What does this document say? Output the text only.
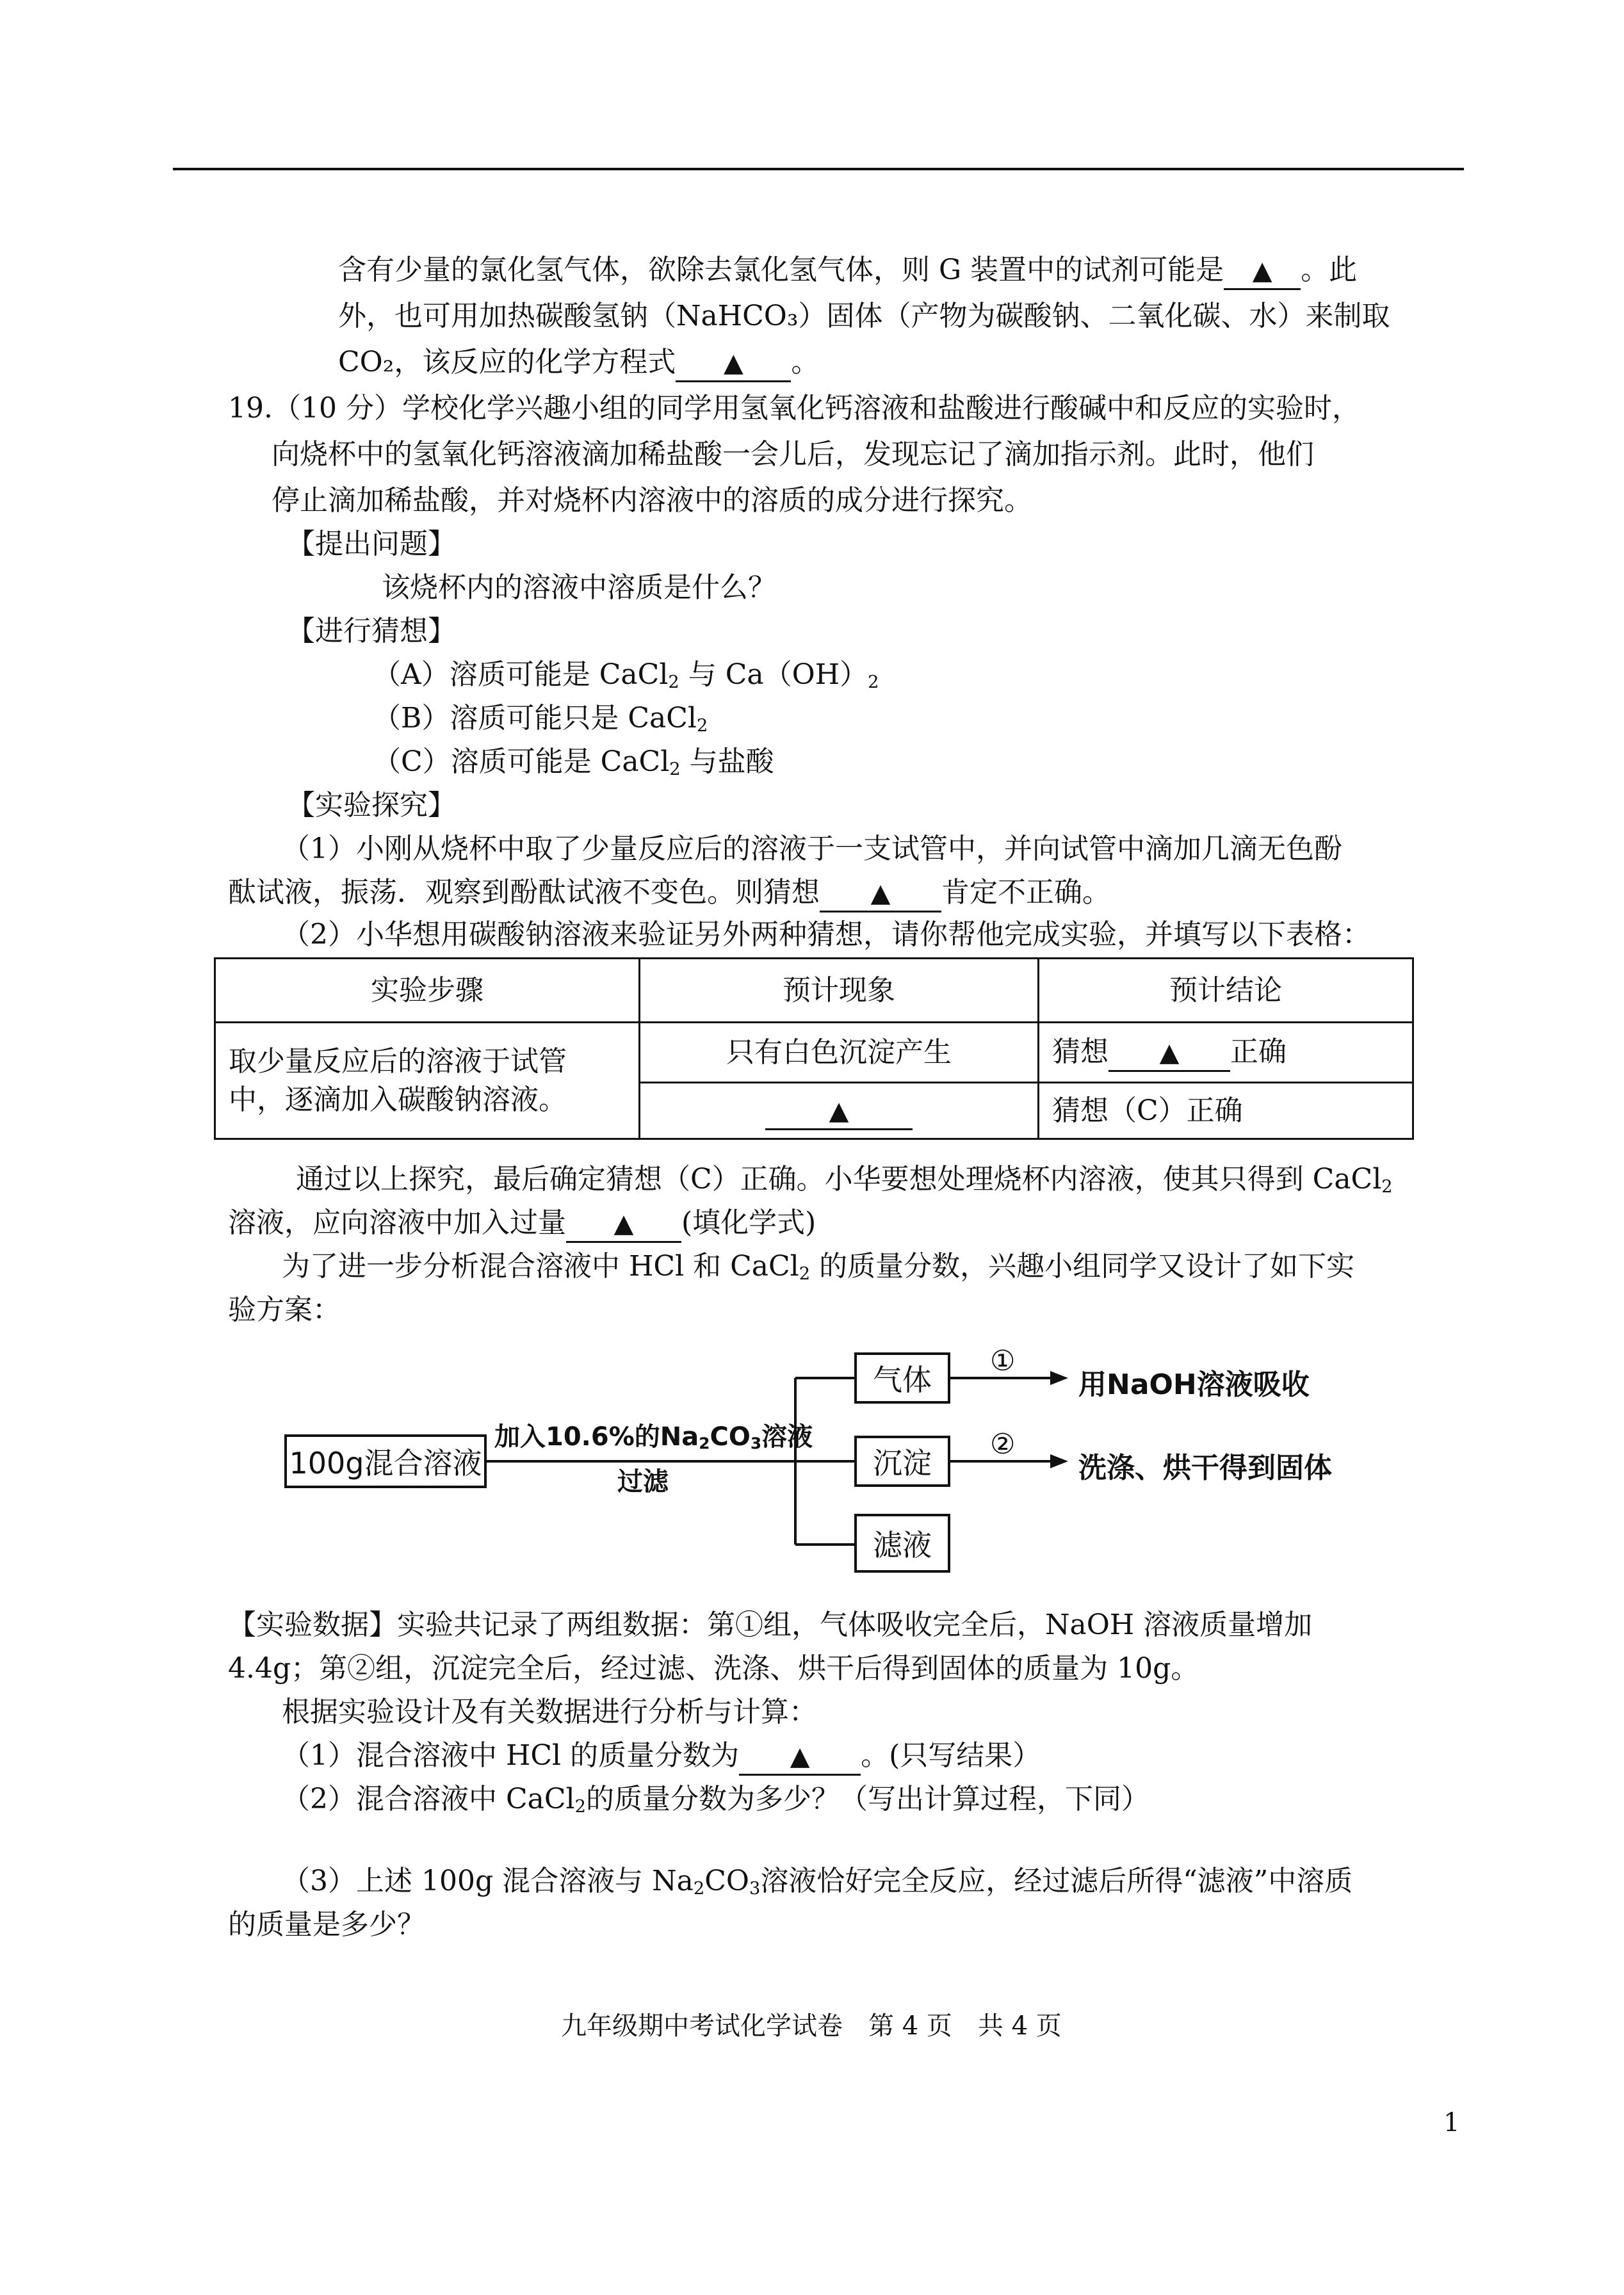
含有少量的氯化氢气体，欲除去氯化氢气体，则 G 装置中的试剂可能是 ▲ 。此
外，也可用加热碳酸氢钠（NaHCO₃）固体（产物为碳酸钠、二氧化碳、水）来制取
CO₂，该反应的化学方程式 ▲ 。
19.（10 分）学校化学兴趣小组的同学用氢氧化钙溶液和盐酸进行酸碱中和反应的实验时，
向烧杯中的氢氧化钙溶液滴加稀盐酸一会儿后，发现忘记了滴加指示剂。此时，他们
停止滴加稀盐酸，并对烧杯内溶液中的溶质的成分进行探究。
【提出问题】
该烧杯内的溶液中溶质是什么？
【进行猜想】
（A）溶质可能是 CaCl$_2$ 与 $Ca(OH)_2$
（B）溶质可能只是 CaCl$_2$
（C）溶质可能是 CaCl$_2$ 与盐酸
【实验探究】
（1）小刚从烧杯中取了少量反应后的溶液于一支试管中，并向试管中滴加几滴无色酚
酞试液，振荡．观察到酚酞试液不变色。则猜想 ▲ 肯定不正确。
（2）小华想用碳酸钠溶液来验证另外两种猜想，请你帮他完成实验，并填写以下表格：
实验步骤	预计现象	预计结论

取少量反应后的溶液于试管
中，逐滴加入碳酸钠溶液。	只有白色沉淀产生	猜想 ▲ 正确
	▲	猜想（C）正确
通过以上探究，最后确定猜想（C）正确。小华要想处理烧杯内溶液，使其只得到 CaCl$_2$
溶液，应向溶液中加入过量 ▲ (填化学式)
为了进一步分析混合溶液中 HCl 和 CaCl$_2$ 的质量分数，兴趣小组同学又设计了如下实
验方案：
100g混合溶液
加入10.6%的$Na_2CO_3$溶液
过滤
气体
沉淀
滤液
①
②
用NaOH溶液吸收
洗涤、烘干得到固体
【实验数据】实验共记录了两组数据：第①组，气体吸收完全后，NaOH 溶液质量增加
4.4g；第②组，沉淀完全后，经过滤、洗涤、烘干后得到固体的质量为 10g。
根据实验设计及有关数据进行分析与计算：
（1）混合溶液中 HCl 的质量分数为 ▲ 。(只写结果）
（2）混合溶液中 CaCl$_2$的质量分数为多少？（写出计算过程，下同）
（3）上述 100g 混合溶液与 $Na_2CO_3$溶液恰好完全反应，经过滤后所得“滤液”中溶质
的质量是多少？
九年级期中考试化学试卷　第 4 页　共 4 页
1
